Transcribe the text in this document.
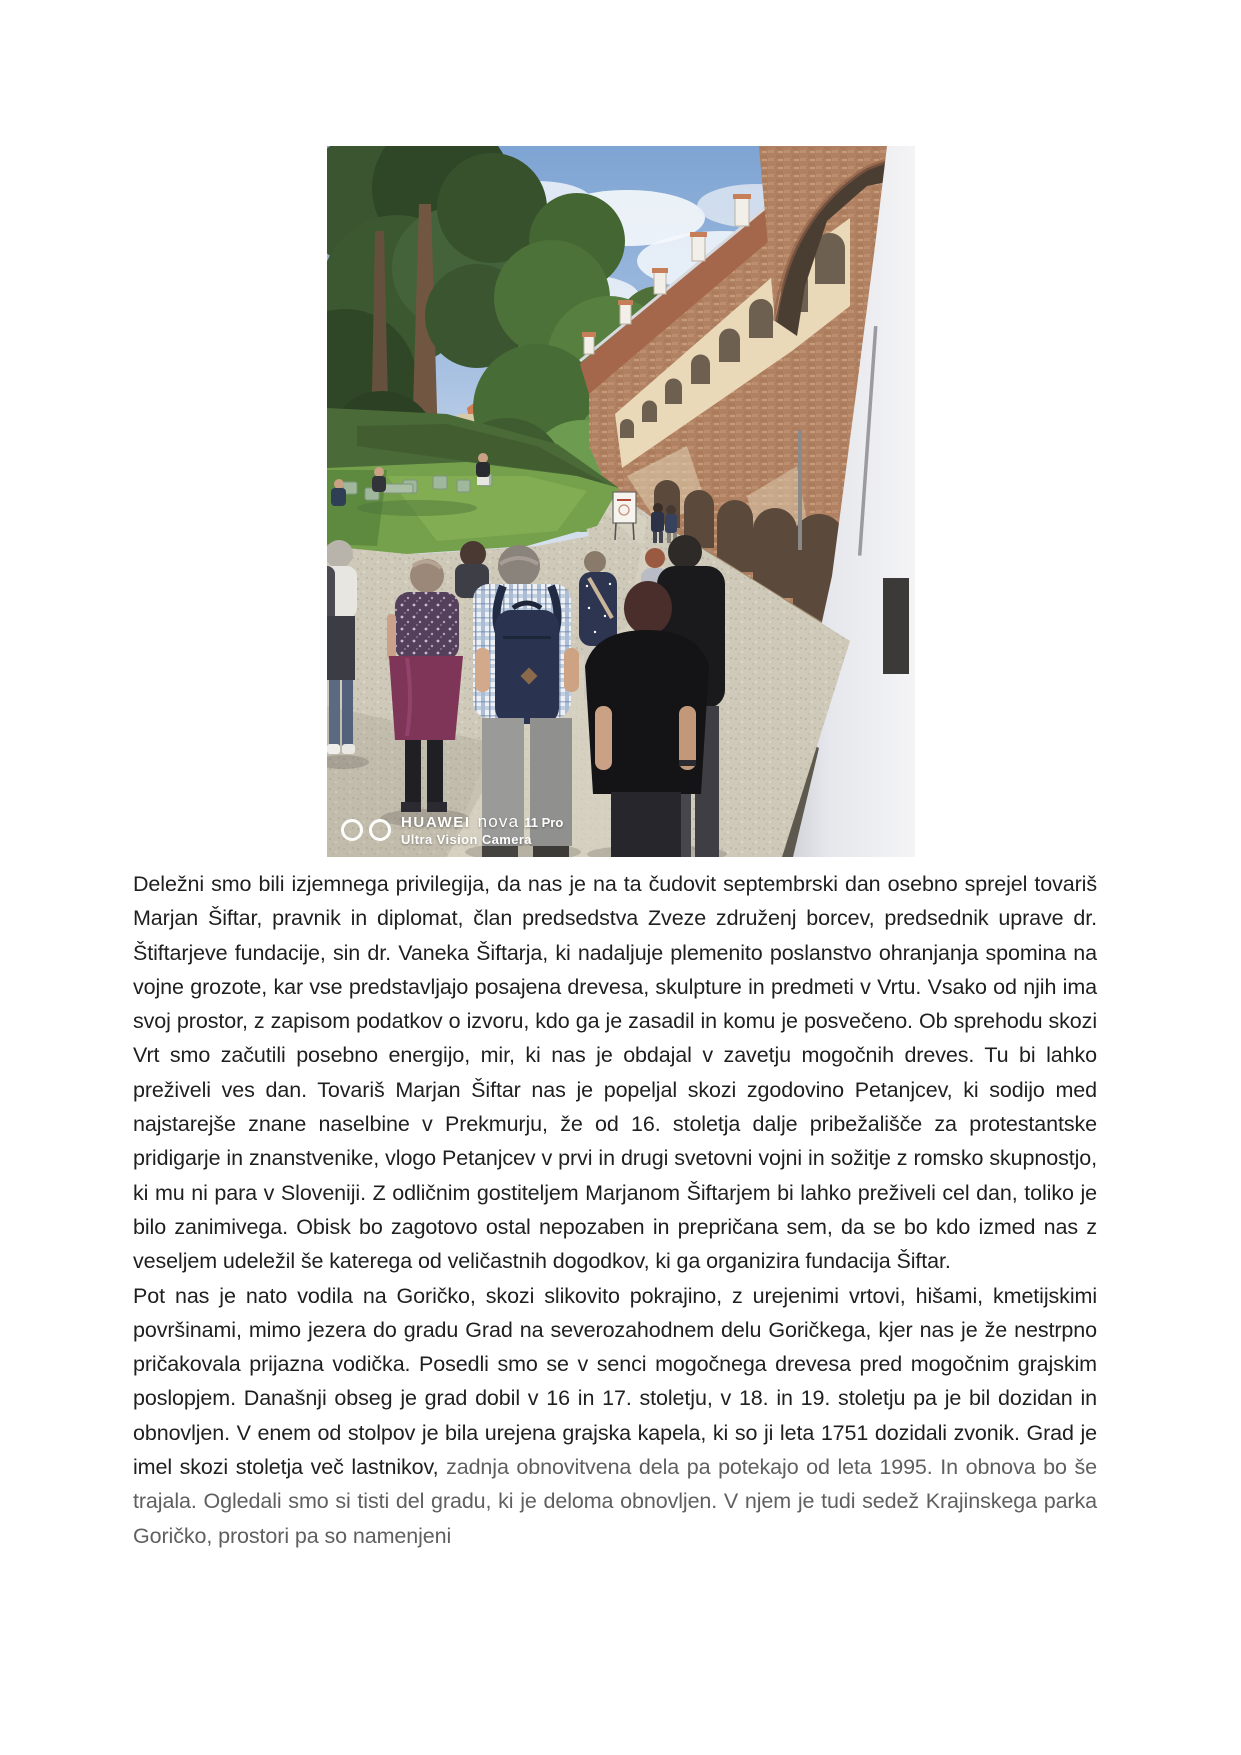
HUAWEI nova 11 Pro
Ultra Vision Camera

Deležni smo bili izjemnega privilegija, da nas je na ta čudovit septembrski dan osebno sprejel tovariš Marjan Šiftar, pravnik in diplomat, član predsedstva Zveze združenj borcev, predsednik uprave dr. Štiftarjeve fundacije, sin dr. Vaneka Šiftarja, ki nadaljuje plemenito poslanstvo ohranjanja spomina na vojne grozote, kar vse predstavljajo posajena drevesa, skulpture in predmeti v Vrtu. Vsako od njih ima svoj prostor, z zapisom podatkov o izvoru, kdo ga je zasadil in komu je posvečeno. Ob sprehodu skozi Vrt smo začutili posebno energijo, mir, ki nas je obdajal v zavetju mogočnih dreves. Tu bi lahko preživeli ves dan. Tovariš Marjan Šiftar nas je popeljal skozi zgodovino Petanjcev, ki sodijo med najstarejše znane naselbine v Prekmurju, že od 16. stoletja dalje pribežališče za protestantske pridigarje in znanstvenike, vlogo Petanjcev v prvi in drugi svetovni vojni in sožitje z romsko skupnostjo, ki mu ni para v Sloveniji. Z odličnim gostiteljem Marjanom Šiftarjem bi lahko preživeli cel dan, toliko je bilo zanimivega. Obisk bo zagotovo ostal nepozaben in prepričana sem, da se bo kdo izmed nas z veseljem udeležil še katerega od veličastnih dogodkov, ki ga organizira fundacija Šiftar.

Pot nas je nato vodila na Goričko, skozi slikovito pokrajino, z urejenimi vrtovi, hišami, kmetijskimi površinami, mimo jezera do gradu Grad na severozahodnem delu Goričkega, kjer nas je že nestrpno pričakovala prijazna vodička. Posedli smo se v senci mogočnega drevesa pred mogočnim grajskim poslopjem. Današnji obseg je grad dobil v 16 in 17. stoletju, v 18. in 19. stoletju pa je bil dozidan in obnovljen. V enem od stolpov je bila urejena grajska kapela, ki so ji leta 1751 dozidali zvonik. Grad je imel skozi stoletja več lastnikov, zadnja obnovitvena dela pa potekajo od leta 1995. In obnova bo še trajala. Ogledali smo si tisti del gradu, ki je deloma obnovljen. V njem je tudi sedež Krajinskega parka Goričko, prostori pa so namenjeni
